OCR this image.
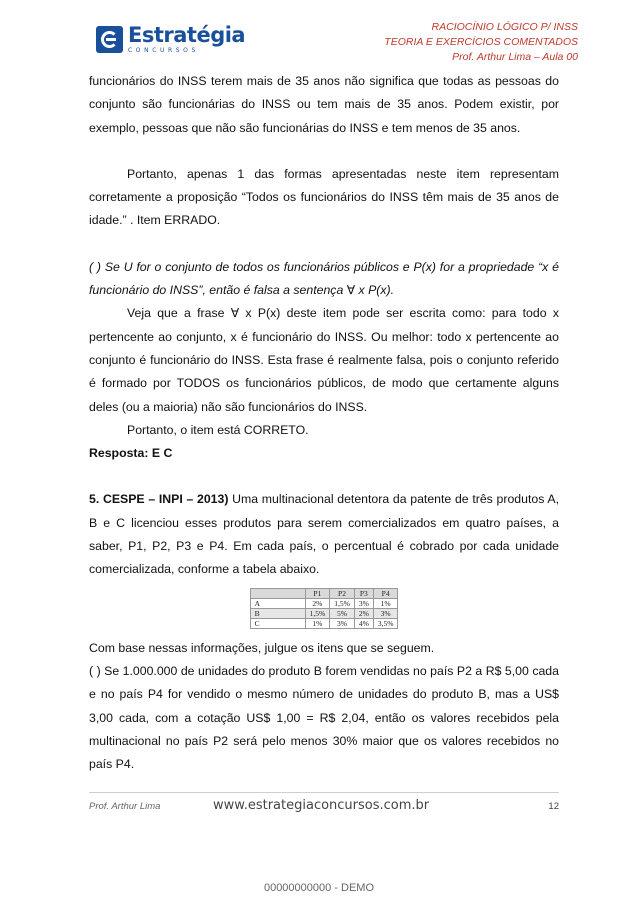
Estratégia
CONCURSOS
RACIOCÍNIO LÓGICO P/ INSS
TEORIA E EXERCÍCIOS COMENTADOS
Prof. Arthur Lima – Aula 00

funcionários do INSS terem mais de 35 anos não significa que todas as pessoas do conjunto são funcionárias do INSS ou tem mais de 35 anos. Podem existir, por exemplo, pessoas que não são funcionárias do INSS e tem menos de 35 anos.

Portanto, apenas 1 das formas apresentadas neste item representam corretamente a proposição “Todos os funcionários do INSS têm mais de 35 anos de idade.” . Item ERRADO.

( ) Se U for o conjunto de todos os funcionários públicos e P(x) for a propriedade “x é funcionário do INSS”, então é falsa a sentença ∀ x P(x).

Veja que a frase ∀ x P(x) deste item pode ser escrita como: para todo x pertencente ao conjunto, x é funcionário do INSS. Ou melhor: todo x pertencente ao conjunto é funcionário do INSS. Esta frase é realmente falsa, pois o conjunto referido é formado por TODOS os funcionários públicos, de modo que certamente alguns deles (ou a maioria) não são funcionários do INSS.

Portanto, o item está CORRETO.

Resposta: E C

5. CESPE – INPI – 2013) Uma multinacional detentora da patente de três produtos A, B e C licenciou esses produtos para serem comercializados em quatro países, a saber, P1, P2, P3 e P4. Em cada país, o percentual é cobrado por cada unidade comercializada, conforme a tabela abaixo.

	P1	P2	P3	P4
A	2%	1,5%	3%	1%
B	1,5%	5%	2%	3%
C	1%	3%	4%	3,5%

Com base nessas informações, julgue os itens que se seguem.

( ) Se 1.000.000 de unidades do produto B forem vendidas no país P2 a R$ 5,00 cada e no país P4 for vendido o mesmo número de unidades do produto B, mas a US$ 3,00 cada, com a cotação US$ 1,00 = R$ 2,04, então os valores recebidos pela multinacional no país P2 será pelo menos 30% maior que os valores recebidos no país P4.

Prof. Arthur Lima	www.estrategiaconcursos.com.br	12
00000000000 - DEMO
